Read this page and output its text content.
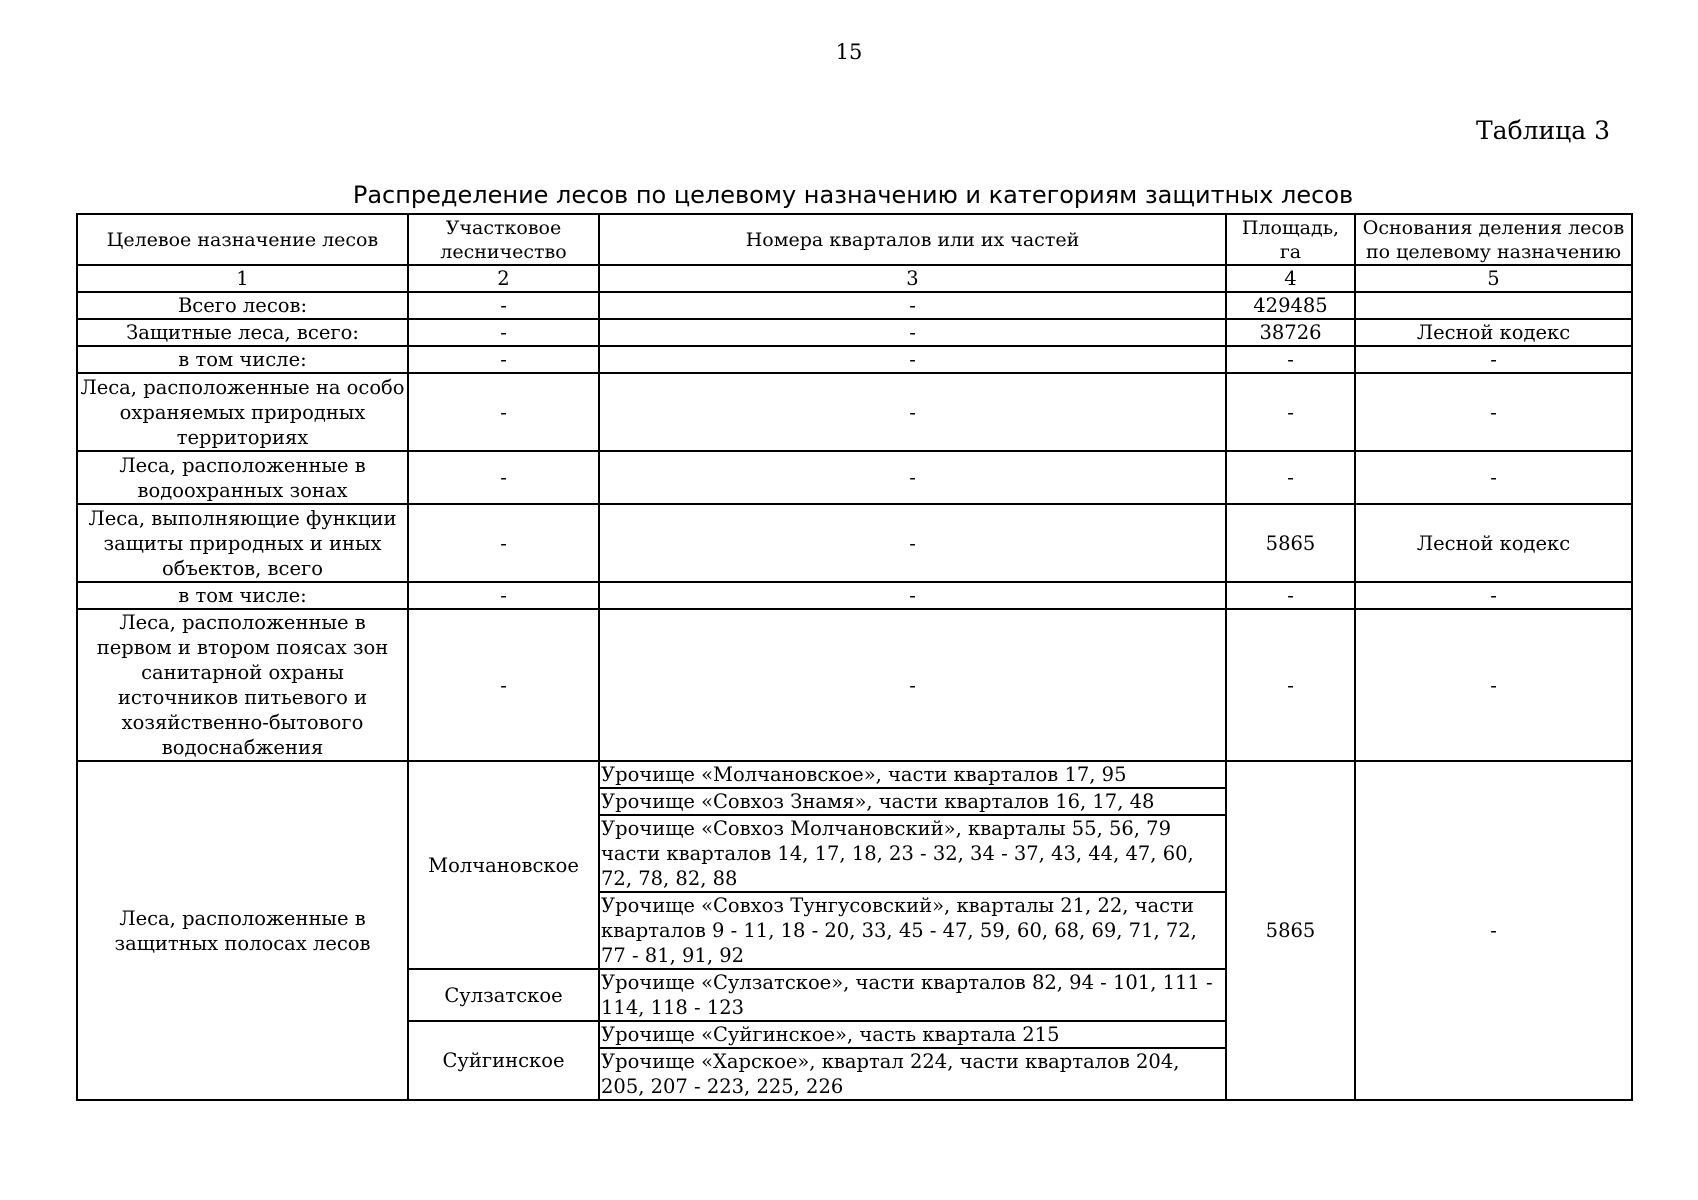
15
Таблица 3
Распределение лесов по целевому назначению и категориям защитных лесов
Целевое назначение лесов	Участковое лесничество	Номера кварталов или их частей	Площадь, га	Основания деления лесов по целевому назначению
1	2	3	4	5
Всего лесов:	-	-	429485	
Защитные леса, всего:	-	-	38726	Лесной кодекс
в том числе:	-	-	-	-
Леса, расположенные на особо охраняемых природных территориях	-	-	-	-
Леса, расположенные в водоохранных зонах	-	-	-	-
Леса, выполняющие функции защиты природных и иных объектов, всего	-	-	5865	Лесной кодекс
в том числе:	-	-	-	-
Леса, расположенные в первом и втором поясах зон санитарной охраны источников питьевого и хозяйственно-бытового водоснабжения	-	-	-	-
Леса, расположенные в защитных полосах лесов	Молчановское	Урочище «Молчановское», части кварталов 17, 95	5865	-
		Урочище «Совхоз Знамя», части кварталов 16, 17, 48		
		Урочище «Совхоз Молчановский», кварталы 55, 56, 79 части кварталов 14, 17, 18, 23 - 32, 34 - 37, 43, 44, 47, 60, 72, 78, 82, 88		
		Урочище «Совхоз Тунгусовский», кварталы 21, 22, части кварталов 9 - 11, 18 - 20, 33, 45 - 47, 59, 60, 68, 69, 71, 72, 77 - 81, 91, 92		
	Сулзатское	Урочище «Сулзатское», части кварталов 82, 94 - 101, 111 - 114, 118 - 123		
	Суйгинское	Урочище «Суйгинское», часть квартала 215		
		Урочище «Харское», квартал 224, части кварталов 204, 205, 207 - 223, 225, 226		
